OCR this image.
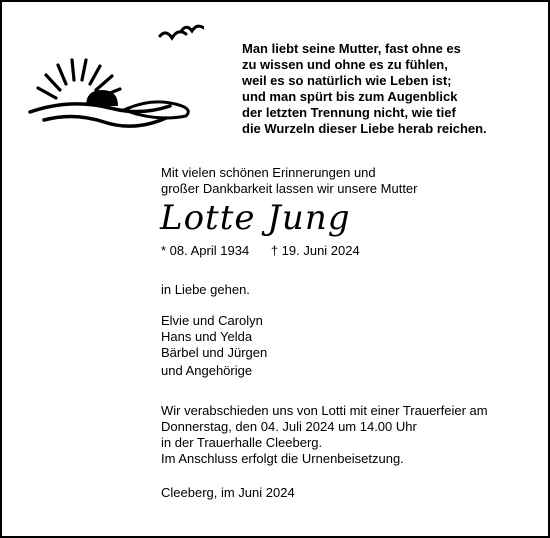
Man liebt seine Mutter, fast ohne es
zu wissen und ohne es zu fühlen,
weil es so natürlich wie Leben ist;
und man spürt bis zum Augenblick
der letzten Trennung nicht, wie tief
die Wurzeln dieser Liebe herab reichen.
Mit vielen schönen Erinnerungen und
großer Dankbarkeit lassen wir unsere Mutter
Lotte Jung
* 08. April 1934 † 19. Juni 2024
in Liebe gehen.
Elvie und Carolyn
Hans und Yelda
Bärbel und Jürgen
und Angehörige
Wir verabschieden uns von Lotti mit einer Trauerfeier am
Donnerstag, den 04. Juli 2024 um 14.00 Uhr
in der Trauerhalle Cleeberg.
Im Anschluss erfolgt die Urnenbeisetzung.
Cleeberg, im Juni 2024
